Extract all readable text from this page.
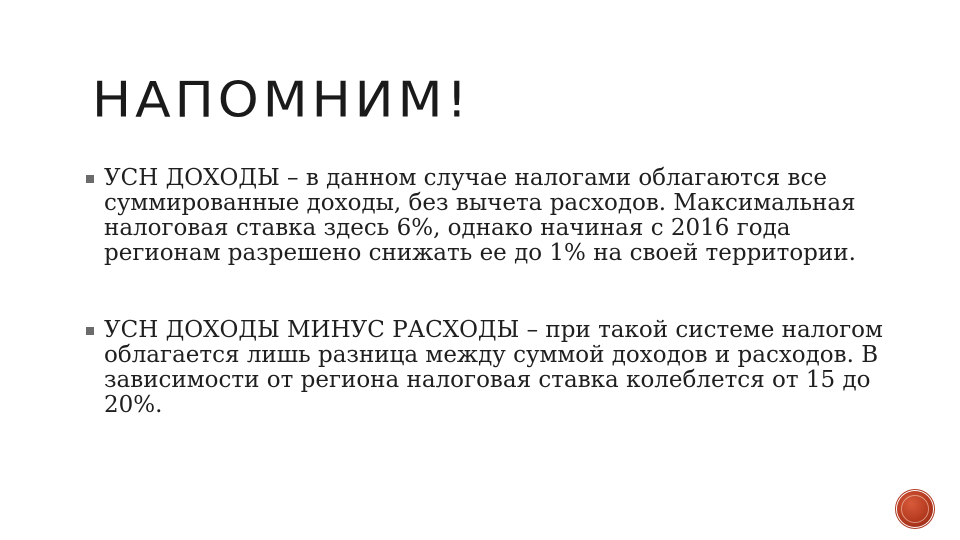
НАПОМНИМ!
УСН ДОХОДЫ – в данном случае налогами облагаются все суммированные доходы, без вычета расходов. Максимальная налоговая ставка здесь 6%, однако начиная с 2016 года регионам разрешено снижать ее до 1% на своей территории.
УСН ДОХОДЫ МИНУС РАСХОДЫ – при такой системе налогом облагается лишь разница между суммой доходов и расходов. В зависимости от региона налоговая ставка колеблется от 15 до 20%.
